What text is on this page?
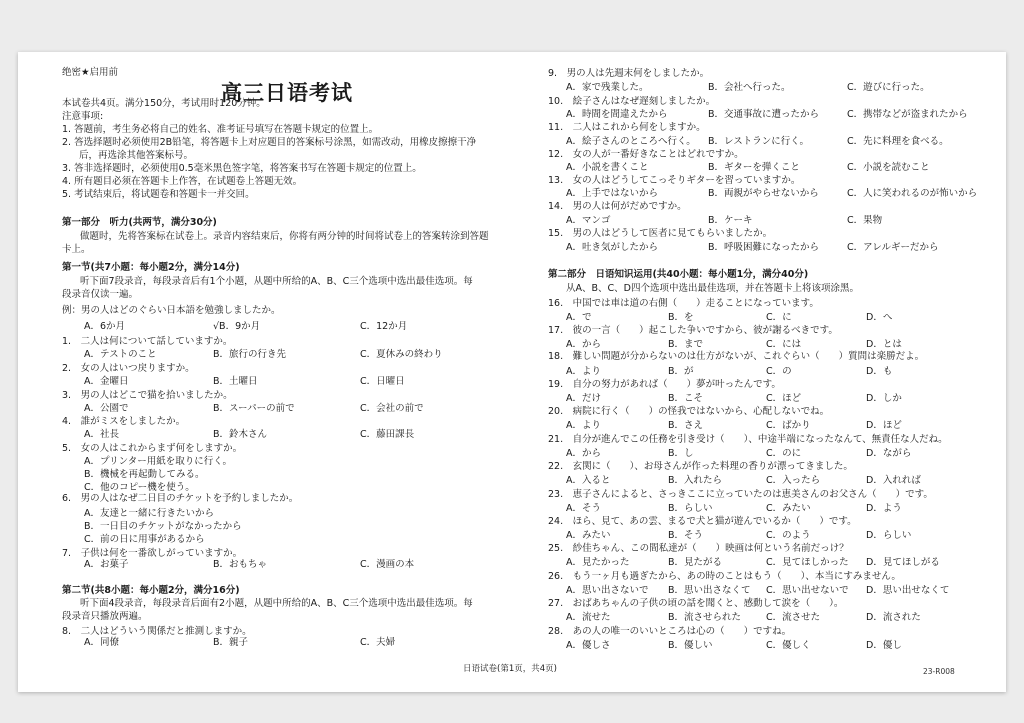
绝密★启用前
本试卷共4页。满分150分，考试用时120分钟。
注意事项:
1. 答题前，考生务必将自己的姓名、准考证号填写在答题卡规定的位置上。
2. 答选择题时必须使用2B铅笔，将答题卡上对应题目的答案标号涂黑，如需改动，用橡皮擦擦干净
后，再选涂其他答案标号。
3. 答非选择题时，必须使用0.5毫米黑色签字笔，将答案书写在答题卡规定的位置上。
4. 所有题目必须在答题卡上作答，在试题卷上答题无效。
5. 考试结束后，将试题卷和答题卡一并交回。
第一部分　听力(共两节，满分30分)
做题时，先将答案标在试卷上。录音内容结束后，你将有两分钟的时间将试卷上的答案转涂到答题
卡上。
第一节(共7小题：每小题2分，满分14分)
听下面7段录音，每段录音后有1个小题，从题中所给的A、B、C三个选项中选出最佳选项。每
段录音仅读一遍。
例：男の人はどのぐらい日本語を勉強しましたか。
1.　二人は何について話していますか。
2.　女の人はいつ戻りますか。
3.　男の人はどこで猫を拾いましたか。
4.　誰がミスをしましたか。
5.　女の人はこれからまず何をしますか。
A．プリンター用紙を取りに行く。
B．機械を再起動してみる。
C．他のコピー機を使う。
6.　男の人はなぜ二日目のチケットを予約しましたか。
A．友達と一緒に行きたいから
B．一日目のチケットがなかったから
C．前の日に用事があるから
7.　子供は何を一番欲しがっていますか。
第二节(共8小题：每小题2分，满分16分)
听下面4段录音，每段录音后面有2小题，从题中所给的A、B、C三个选项中选出最佳选项。每
段录音只播放两遍。
8.　二人はどういう関係だと推測しますか。
高三日语考试
A．6か月	√B．9か月	C．12か月
A．テストのこと	B．旅行の行き先	C．夏休みの終わり
A．金曜日	B．土曜日	C．日曜日
A．公園で	B．スーパーの前で	C．会社の前で
A．社長	B．鈴木さん	C．藤田課長
A．お菓子	B．おもちゃ	C．漫画の本
A．同僚	B．親子	C．夫婦
9.　男の人は先週末何をしましたか。
10.　絵子さんはなぜ遅刻しましたか。
11.　二人はこれから何をしますか。
12.　女の人が一番好きなことはどれですか。
13.　女の人はどうしてこっそりギターを習っていますか。
14.　男の人は何がだめですか。
15.　男の人はどうして医者に見てもらいましたか。
第二部分　日语知识运用(共40小题：每小题1分，满分40分)
从A、B、C、D四个选项中选出最佳选项，并在答题卡上将该项涂黑。
16.　中国では車は道の右側（　　）走ることになっています。
17.　彼の一言（　　）起こした争いですから、彼が謝るべきです。
18.　難しい問題が分からないのは仕方がないが、これぐらい（　　）質問は楽勝だよ。
19.　自分の努力があれば（　　）夢が叶ったんです。
20.　病院に行く（　　）の怪我ではないから、心配しないでね。
21.　自分が進んでこの任務を引き受け（　　）、中途半端になったなんて、無責任な人だね。
22.　玄関に（　　）、お母さんが作った料理の香りが漂ってきました。
23.　恵子さんによると、さっきここに立っていたのは恵美さんのお父さん（　　）です。
24.　ほら、見て、あの雲、まるで犬と猫が遊んでいるか（　　）です。
25.　紗佳ちゃん、この間私達が（　　）映画は何という名前だっけ？
26.　もう一ヶ月も過ぎたから、あの時のことはもう（　　）、本当にすみません。
27.　おばあちゃんの子供の頃の話を聞くと、感動して涙を（　　）。
28.　あの人の唯一のいいところは心の（　　）ですね。
A．家で残業した。	B．会社へ行った。	C．遊びに行った。
A．時間を間違えたから	B．交通事故に遭ったから	C．携帯などが盗まれたから
A．絵子さんのところへ行く。 B．レストランに行く。	C．先に料理を食べる。
A．小説を書くこと	B．ギターを弾くこと	C．小説を読むこと
A．上手ではないから	B．両親がやらせないから	C．人に笑われるのが怖いから
A．マンゴ	B．ケーキ	C．果物
A．吐き気がしたから	B．呼吸困難になったから	C．アレルギーだから
A．で	B．を	C．に	D．へ
A．から	B．まで	C．には	D．とは
A．より	B．が	C．の	D．も
A．だけ	B．こそ	C．ほど	D．しか
A．より	B．さえ	C．ばかり	D．ほど
A．から	B．し	C．のに	D．ながら
A．入ると	B．入れたら	C．入ったら	D．入れれば
A．そう	B．らしい	C．みたい	D．よう
A．みたい	B．そう	C．のよう	D．らしい
A．見たかった	B．見たがる	C．見てほしかった D．見てほしがる
A．思い出さないで B．思い出さなくて C．思い出せないで D．思い出せなくて
A．流せた	B．流させられた	C．流させた	D．流された
A．優しさ	B．優しい	C．優しく	D．優し
日语试卷(第1页，共4页)	23-R008
